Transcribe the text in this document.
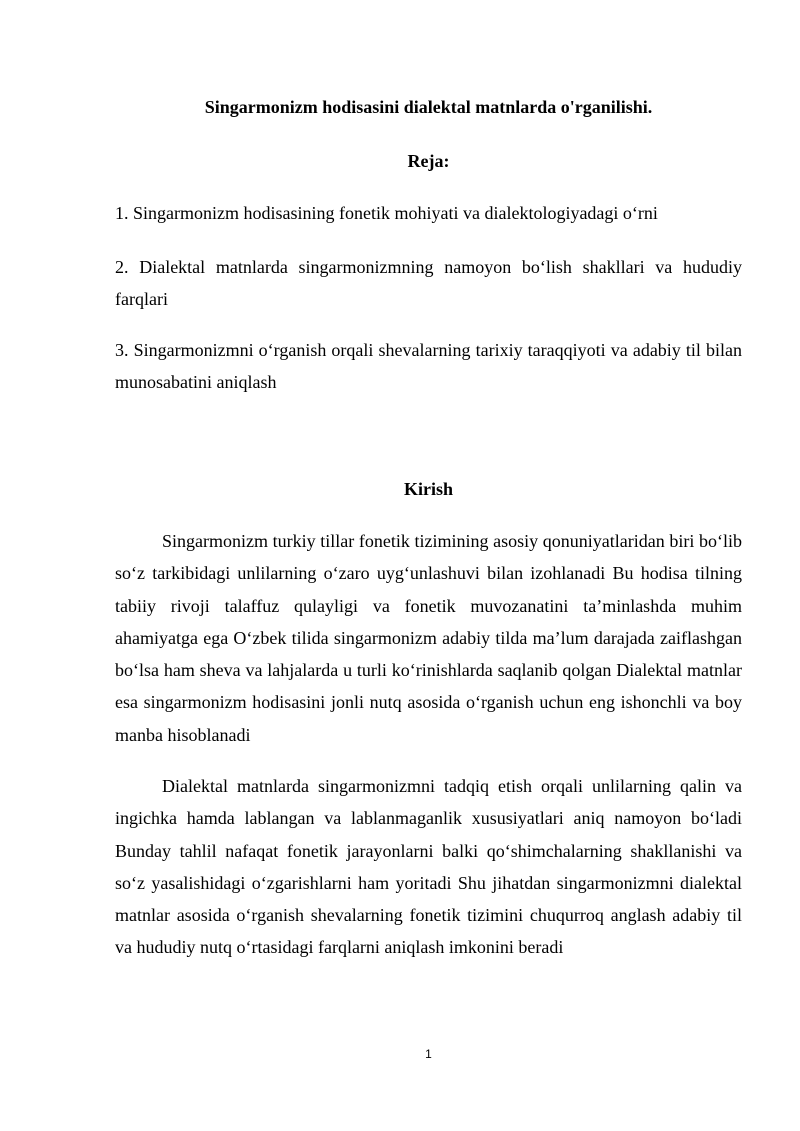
Singarmonizm hodisasini dialektal matnlarda o'rganilishi.
Reja:

1. Singarmonizm hodisasining fonetik mohiyati va dialektologiyadagi o‘rni

2. Dialektal matnlarda singarmonizmning namoyon bo‘lish shakllari va hududiy farqlari

3. Singarmonizmni o‘rganish orqali shevalarning tarixiy taraqqiyoti va adabiy til bilan munosabatini aniqlash

Kirish

Singarmonizm turkiy tillar fonetik tizimining asosiy qonuniyatlaridan biri bo‘lib so‘z tarkibidagi unlilarning o‘zaro uyg‘unlashuvi bilan izohlanadi Bu hodisa tilning tabiiy rivoji talaffuz qulayligi va fonetik muvozanatini ta’minlashda muhim ahamiyatga ega O‘zbek tilida singarmonizm adabiy tilda ma’lum darajada zaiflashgan bo‘lsa ham sheva va lahjalarda u turli ko‘rinishlarda saqlanib qolgan Dialektal matnlar esa singarmonizm hodisasini jonli nutq asosida o‘rganish uchun eng ishonchli va boy manba hisoblanadi

Dialektal matnlarda singarmonizmni tadqiq etish orqali unlilarning qalin va ingichka hamda lablangan va lablanmaganlik xususiyatlari aniq namoyon bo‘ladi Bunday tahlil nafaqat fonetik jarayonlarni balki qo‘shimchalarning shakllanishi va so‘z yasalishidagi o‘zgarishlarni ham yoritadi Shu jihatdan singarmonizmni dialektal matnlar asosida o‘rganish shevalarning fonetik tizimini chuqurroq anglash adabiy til va hududiy nutq o‘rtasidagi farqlarni aniqlash imkonini beradi

1
